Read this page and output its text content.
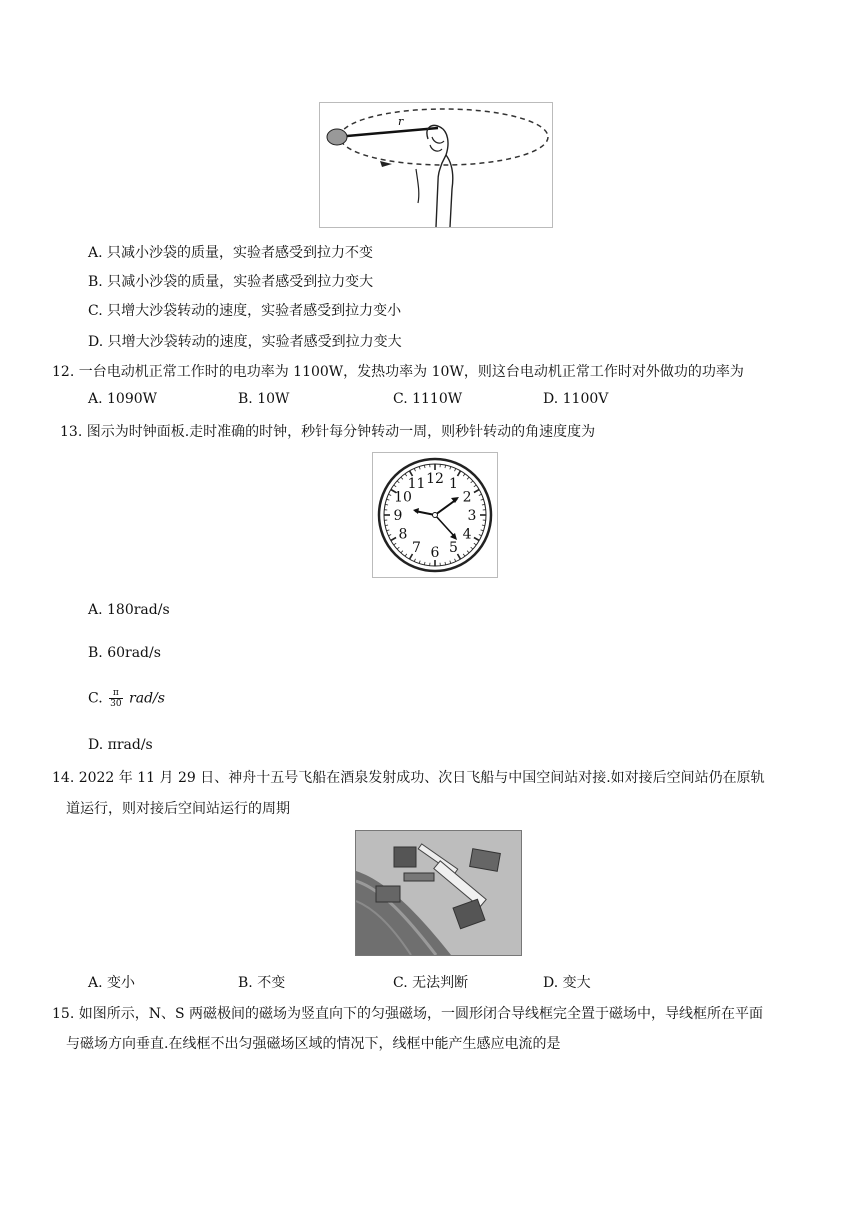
r
A. 只减小沙袋的质量，实验者感受到拉力不变
B. 只减小沙袋的质量，实验者感受到拉力变大
C. 只增大沙袋转动的速度，实验者感受到拉力变小
D. 只增大沙袋转动的速度，实验者感受到拉力变大
12. 一台电动机正常工作时的电功率为 1100W，发热功率为 10W，则这台电动机正常工作时对外做功的功率为
A. 1090W	B. 10W	C. 1110W	D. 1100V
13. 图示为时钟面板.走时准确的时钟，秒针每分钟转动一周，则秒针转动的角速度度为
12 1
2
3
4
5
6
7
8
9
10
11
A. 180rad/s
B. 60rad/s
C. $\frac{\pi}{30} rad/s$
D. πrad/s
14. 2022 年 11 月 29 日、神舟十五号飞船在酒泉发射成功、次日飞船与中国空间站对接.如对接后空间站仍在原轨
道运行，则对接后空间站运行的周期
A. 变小	B. 不变	C. 无法判断	D. 变大
15. 如图所示，N、S 两磁极间的磁场为竖直向下的匀强磁场，一圆形闭合导线框完全置于磁场中，导线框所在平面
与磁场方向垂直.在线框不出匀强磁场区域的情况下，线框中能产生感应电流的是
